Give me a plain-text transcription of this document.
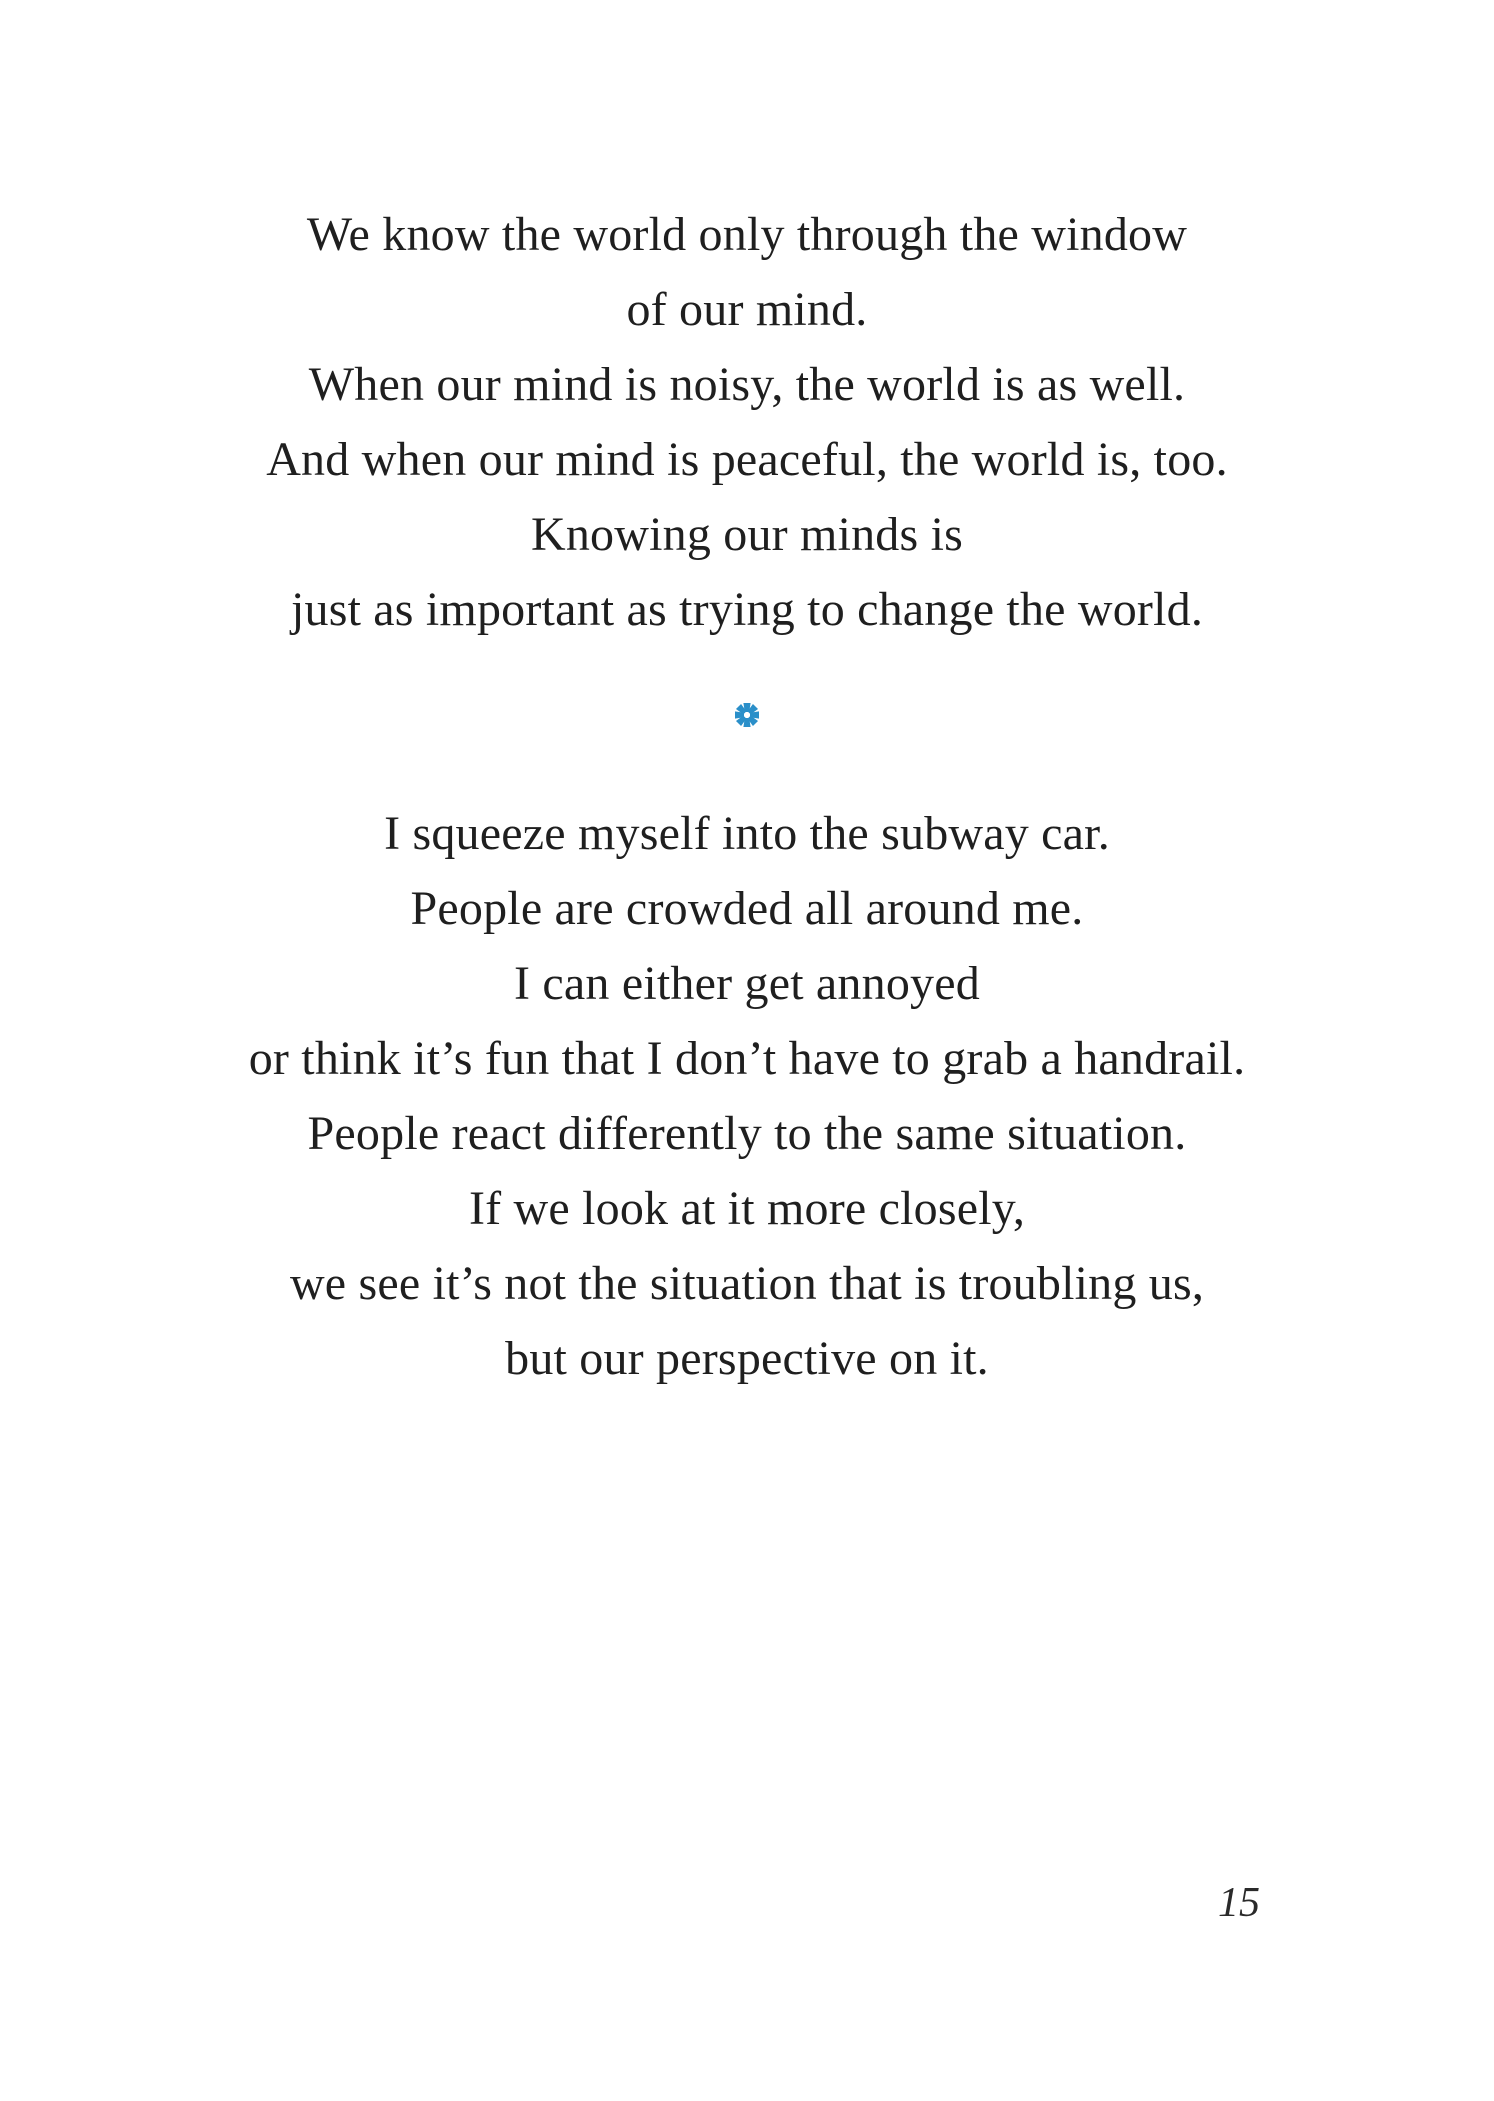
We know the world only through the window
of our mind.
When our mind is noisy, the world is as well.
And when our mind is peaceful, the world is, too.
Knowing our minds is
just as important as trying to change the world.
I squeeze myself into the subway car.
People are crowded all around me.
I can either get annoyed
or think it’s fun that I don’t have to grab a handrail.
People react differently to the same situation.
If we look at it more closely,
we see it’s not the situation that is troubling us,
but our perspective on it.
15
